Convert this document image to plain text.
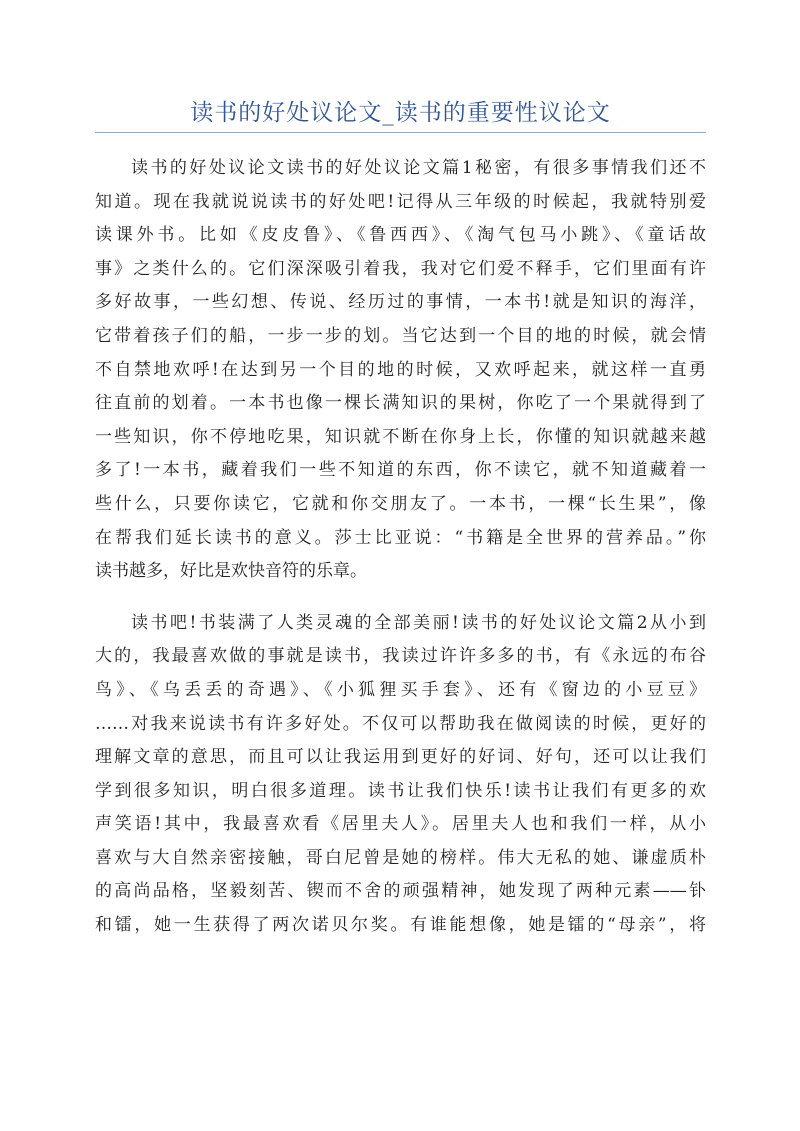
读书的好处议论文_读书的重要性议论文
读书的好处议论文读书的好处议论文篇1秘密，有很多事情我们还不
知道。现在我就说说读书的好处吧!记得从三年级的时候起，我就特别爱
读课外书。比如《皮皮鲁》、《鲁西西》、《淘气包马小跳》、《童话故
事》之类什么的。它们深深吸引着我，我对它们爱不释手，它们里面有许
多好故事，一些幻想、传说、经历过的事情，一本书!就是知识的海洋，
它带着孩子们的船，一步一步的划。当它达到一个目的地的时候，就会情
不自禁地欢呼!在达到另一个目的地的时候，又欢呼起来，就这样一直勇
往直前的划着。一本书也像一棵长满知识的果树，你吃了一个果就得到了
一些知识，你不停地吃果，知识就不断在你身上长，你懂的知识就越来越
多了!一本书，藏着我们一些不知道的东西，你不读它，就不知道藏着一
些什么，只要你读它，它就和你交朋友了。一本书，一棵“长生果”，像
在帮我们延长读书的意义。莎士比亚说：“书籍是全世界的营养品。”你
读书越多，好比是欢快音符的乐章。
读书吧!书装满了人类灵魂的全部美丽!读书的好处议论文篇2从小到
大的，我最喜欢做的事就是读书，我读过许许多多的书，有《永远的布谷
鸟》、《乌丢丢的奇遇》、《小狐狸买手套》、还有《窗边的小豆豆》
……对我来说读书有许多好处。不仅可以帮助我在做阅读的时候，更好的
理解文章的意思，而且可以让我运用到更好的好词、好句，还可以让我们
学到很多知识，明白很多道理。读书让我们快乐!读书让我们有更多的欢
声笑语!其中，我最喜欢看《居里夫人》。居里夫人也和我们一样，从小
喜欢与大自然亲密接触，哥白尼曾是她的榜样。伟大无私的她、谦虚质朴
的高尚品格，坚毅刻苦、锲而不舍的顽强精神，她发现了两种元素——钋
和镭，她一生获得了两次诺贝尔奖。有谁能想像，她是镭的“母亲”，将
